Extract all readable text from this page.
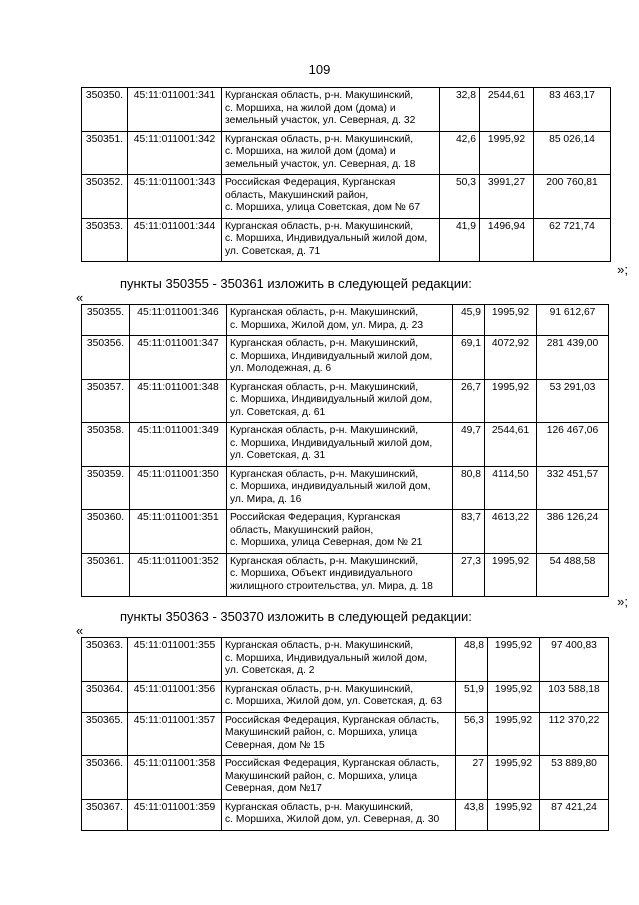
109
350350.	45:11:011001:341	Курганская область, р-н. Макушинский,
с. Моршиха, на жилой дом (дома) и
земельный участок, ул. Северная, д. 32	32,8	2544,61	83 463,17
350351.	45:11:011001:342	Курганская область, р-н. Макушинский,
с. Моршиха, на жилой дом (дома) и
земельный участок, ул. Северная, д. 18	42,6	1995,92	85 026,14
350352.	45:11:011001:343	Российская Федерация, Курганская
область, Макушинский район,
с. Моршиха, улица Советская, дом № 67	50,3	3991,27	200 760,81
350353.	45:11:011001:344	Курганская область, р-н. Макушинский,
с. Моршиха, Индивидуальный жилой дом,
ул. Советская, д. 71	41,9	1496,94	62 721,74
»;
пункты 350355 - 350361 изложить в следующей редакции:
«
350355.	45:11:011001:346	Курганская область, р-н. Макушинский,
с. Моршиха, Жилой дом, ул. Мира, д. 23	45,9	1995,92	91 612,67
350356.	45:11:011001:347	Курганская область, р-н. Макушинский,
с. Моршиха, Индивидуальный жилой дом,
ул. Молодежная, д. 6	69,1	4072,92	281 439,00
350357.	45:11:011001:348	Курганская область, р-н. Макушинский,
с. Моршиха, Индивидуальный жилой дом,
ул. Советская, д. 61	26,7	1995,92	53 291,03
350358.	45:11:011001:349	Курганская область, р-н. Макушинский,
с. Моршиха, Индивидуальный жилой дом,
ул. Советская, д. 31	49,7	2544,61	126 467,06
350359.	45:11:011001:350	Курганская область, р-н. Макушинский,
с. Моршиха, индивидуальный жилой дом,
ул. Мира, д. 16	80,8	4114,50	332 451,57
350360.	45:11:011001:351	Российская Федерация, Курганская
область, Макушинский район,
с. Моршиха, улица Северная, дом № 21	83,7	4613,22	386 126,24
350361.	45:11:011001:352	Курганская область, р-н. Макушинский,
с. Моршиха, Объект индивидуального
жилищного строительства, ул. Мира, д. 18	27,3	1995,92	54 488,58
»;
пункты 350363 - 350370 изложить в следующей редакции:
«
350363.	45:11:011001:355	Курганская область, р-н. Макушинский,
с. Моршиха, Индивидуальный жилой дом,
ул. Советская, д. 2	48,8	1995,92	97 400,83
350364.	45:11:011001:356	Курганская область, р-н. Макушинский,
с. Моршиха, Жилой дом, ул. Советская, д. 63	51,9	1995,92	103 588,18
350365.	45:11:011001:357	Российская Федерация, Курганская область,
Макушинский район, с. Моршиха, улица
Северная, дом № 15	56,3	1995,92	112 370,22
350366.	45:11:011001:358	Российская Федерация, Курганская область,
Макушинский район, с. Моршиха, улица
Северная, дом №17	27	1995,92	53 889,80
350367.	45:11:011001:359	Курганская область, р-н. Макушинский,
с. Моршиха, Жилой дом, ул. Северная, д. 30	43,8	1995,92	87 421,24
